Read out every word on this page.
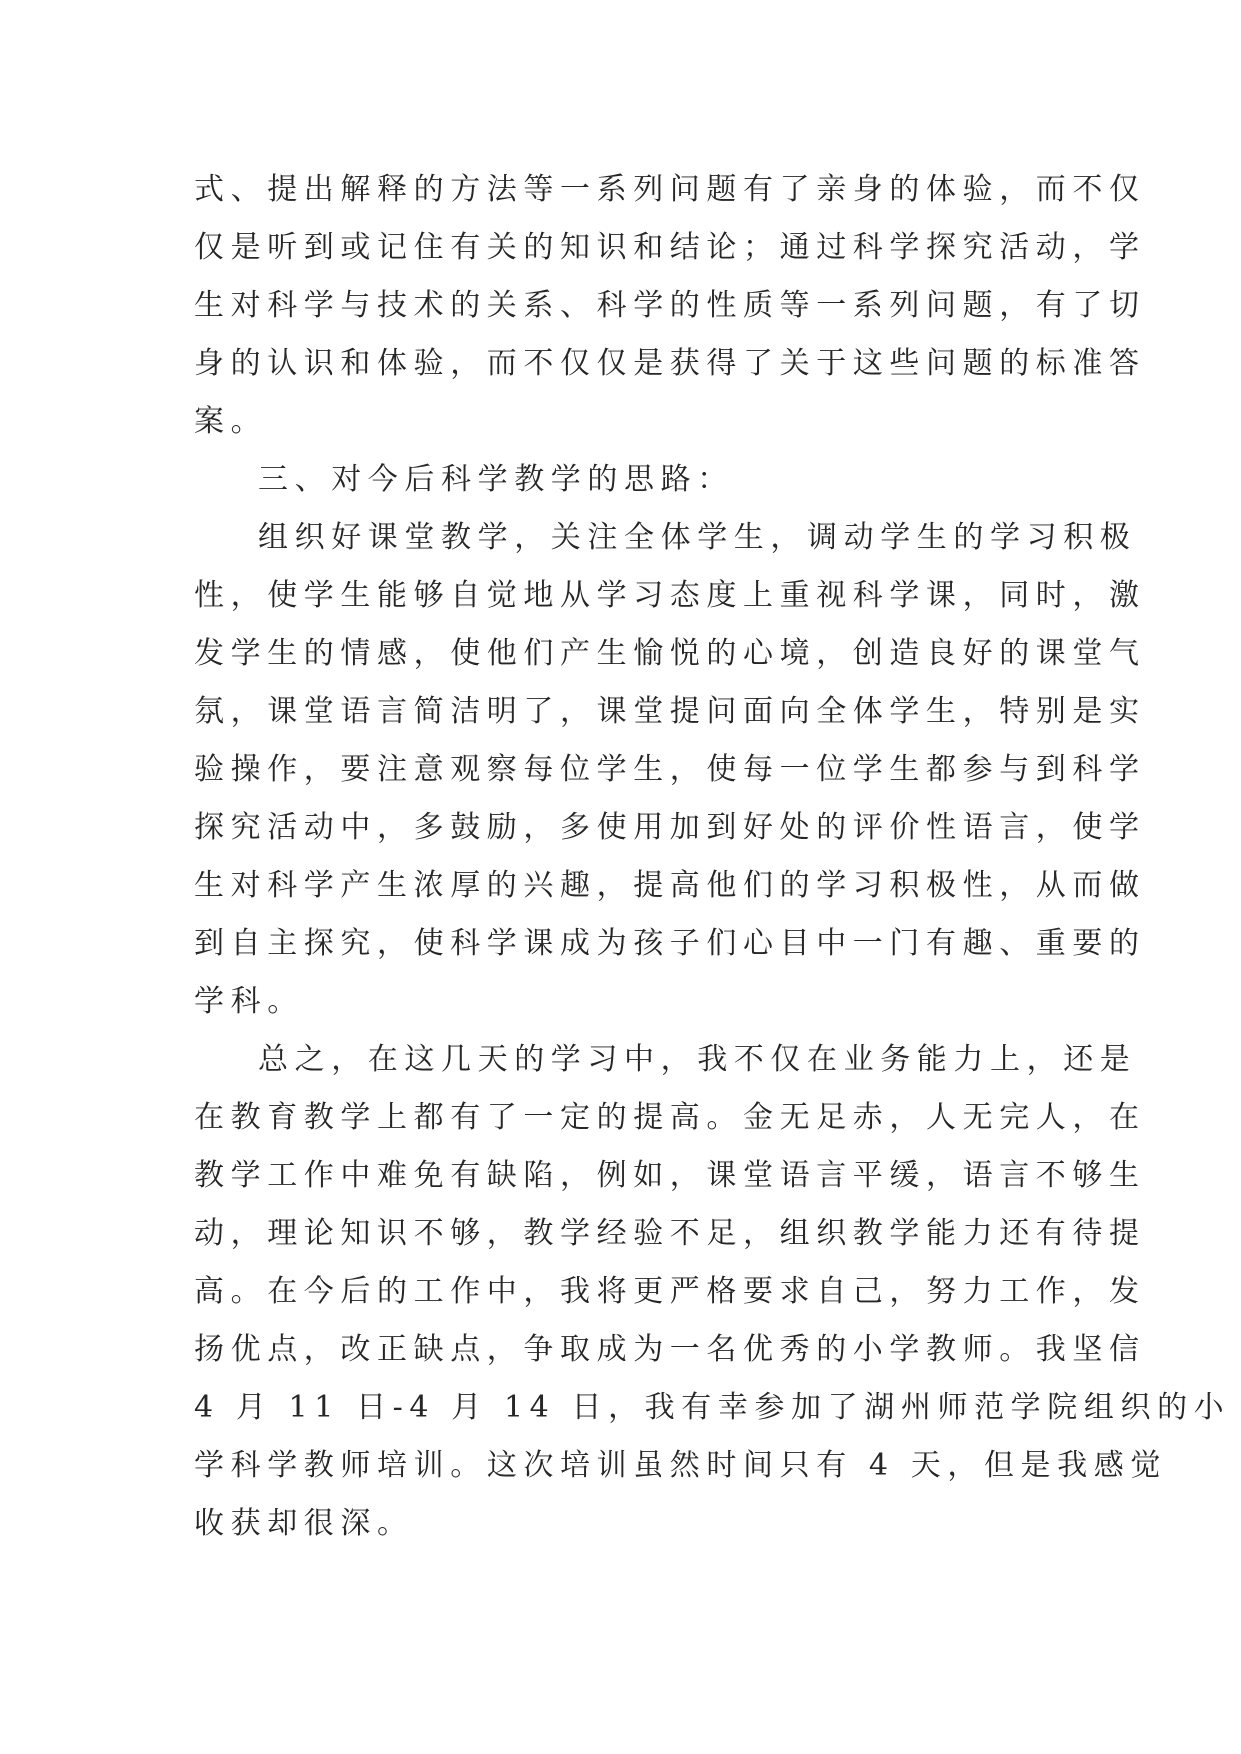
式、提出解释的方法等一系列问题有了亲身的体验，而不仅
仅是听到或记住有关的知识和结论；通过科学探究活动，学
生对科学与技术的关系、科学的性质等一系列问题，有了切
身的认识和体验，而不仅仅是获得了关于这些问题的标准答
案。
三、对今后科学教学的思路：
组织好课堂教学，关注全体学生，调动学生的学习积极
性，使学生能够自觉地从学习态度上重视科学课，同时，激
发学生的情感，使他们产生愉悦的心境，创造良好的课堂气
氛，课堂语言简洁明了，课堂提问面向全体学生，特别是实
验操作，要注意观察每位学生，使每一位学生都参与到科学
探究活动中，多鼓励，多使用加到好处的评价性语言，使学
生对科学产生浓厚的兴趣，提高他们的学习积极性，从而做
到自主探究，使科学课成为孩子们心目中一门有趣、重要的
学科。
总之，在这几天的学习中，我不仅在业务能力上，还是
在教育教学上都有了一定的提高。金无足赤，人无完人，在
教学工作中难免有缺陷，例如，课堂语言平缓，语言不够生
动，理论知识不够，教学经验不足，组织教学能力还有待提
高。在今后的工作中，我将更严格要求自己，努力工作，发
扬优点，改正缺点，争取成为一名优秀的小学教师。我坚信
4 月 11 日-4 月 14 日，我有幸参加了湖州师范学院组织的小
学科学教师培训。这次培训虽然时间只有 4 天，但是我感觉
收获却很深。
